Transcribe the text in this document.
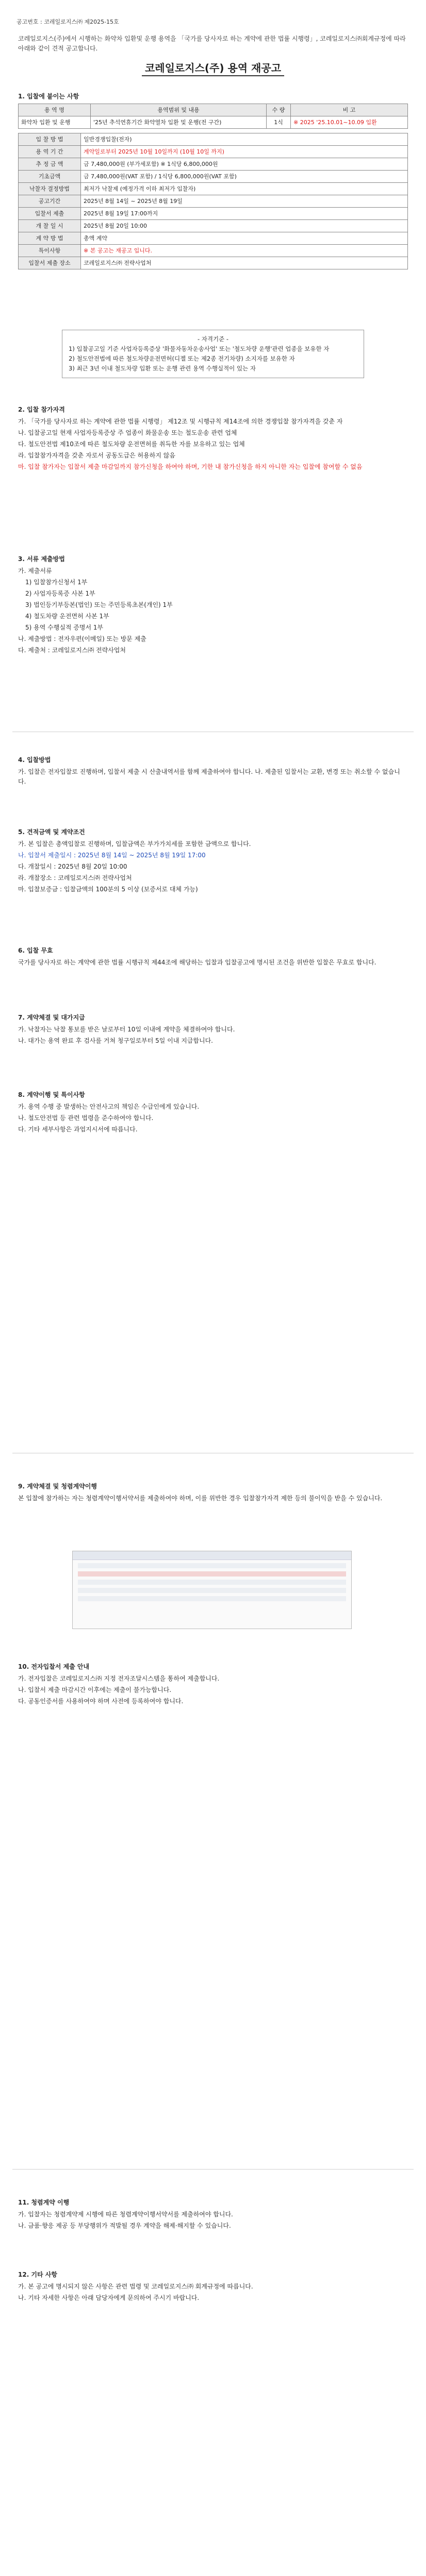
공고번호 : 코레일로지스㈜ 제2025-15호
코레일로지스(주)에서 시행하는 화약차 입환및 운행 용역을 「국가를 당사자로 하는 계약에 관한 법률 시행령」, 코레일로지스㈜회계규정에 따라 아래와 같이 견적 공고합니다.
코레일로지스(주) 용역 재공고
1. 입찰에 붙이는 사항
용 역 명	용역범위 및 내용	수 량	비 고
화약차 입환 및 운행	'25년 추석연휴기간 화약열차 입환 및 운행(전 구간)	1식	※ 2025 '25.10.01~10.09 입환
입 찰 방 법	일반경쟁입찰(전자)
용 역 기 간	계약일로부터 2025년 10월 10일까지 (10월 10일 까지)
추 정 금 액	금 7,480,000원 (부가세포함) ※ 1식당 6,800,000원
기초금액	금 7,480,000원(VAT 포함) / 1식당 6,800,000원(VAT 포함)
낙찰자 결정방법	최저가 낙찰제 (예정가격 이하 최저가 입찰자)
공고기간	2025년 8월 14일 ~ 2025년 8월 19일
입찰서 제출	2025년 8월 19일 17:00까지
개 찰 일 시	2025년 8월 20일 10:00
계 약 방 법	총액 계약
특이사항	※ 본 공고는 재공고 입니다.
입찰서 제출 장소	코레일로지스㈜ 전략사업처
- 자격기준 -
1) 입찰공고일 기준 사업자등록증상 '화물자동차운송사업' 또는 '철도차량 운행'관련 업종을 보유한 자
2) 철도안전법에 따른 철도차량운전면허(디젤 또는 제2종 전기차량) 소지자를 보유한 자
3) 최근 3년 이내 철도차량 입환 또는 운행 관련 용역 수행실적이 있는 자
2. 입찰 참가자격

가. 「국가를 당사자로 하는 계약에 관한 법률 시행령」 제12조 및 시행규칙 제14조에 의한 경쟁입찰 참가자격을 갖춘 자

나. 입찰공고일 현재 사업자등록증상 주 업종이 화물운송 또는 철도운송 관련 업체

다. 철도안전법 제10조에 따른 철도차량 운전면허를 취득한 자를 보유하고 있는 업체

라. 입찰참가자격을 갖춘 자로서 공동도급은 허용하지 않음

마. 입찰 참가자는 입찰서 제출 마감일까지 참가신청을 하여야 하며, 기한 내 참가신청을 하지 아니한 자는 입찰에 참여할 수 없음

3. 서류 제출방법

가. 제출서류

1) 입찰참가신청서 1부

2) 사업자등록증 사본 1부

3) 법인등기부등본(법인) 또는 주민등록초본(개인) 1부

4) 철도차량 운전면허 사본 1부

5) 용역 수행실적 증명서 1부

나. 제출방법 : 전자우편(이메일) 또는 방문 제출

다. 제출처 : 코레일로지스㈜ 전략사업처

4. 입찰방법

가. 입찰은 전자입찰로 진행하며, 입찰서 제출 시 산출내역서를 함께 제출하여야 합니다. 나. 제출된 입찰서는 교환, 변경 또는 취소할 수 없습니다.

5. 견적금액 및 계약조건

가. 본 입찰은 총액입찰로 진행하며, 입찰금액은 부가가치세를 포함한 금액으로 합니다.

나. 입찰서 제출일시 : 2025년 8월 14일 ~ 2025년 8월 19일 17:00

다. 개찰일시 : 2025년 8월 20일 10:00

라. 개찰장소 : 코레일로지스㈜ 전략사업처

마. 입찰보증금 : 입찰금액의 100분의 5 이상 (보증서로 대체 가능)

6. 입찰 무효

국가를 당사자로 하는 계약에 관한 법률 시행규칙 제44조에 해당하는 입찰과 입찰공고에 명시된 조건을 위반한 입찰은 무효로 합니다.

7. 계약체결 및 대가지급

가. 낙찰자는 낙찰 통보를 받은 날로부터 10일 이내에 계약을 체결하여야 합니다.

나. 대가는 용역 완료 후 검사를 거쳐 청구일로부터 5일 이내 지급합니다.

8. 계약이행 및 특이사항

가. 용역 수행 중 발생하는 안전사고의 책임은 수급인에게 있습니다.

나. 철도안전법 등 관련 법령을 준수하여야 합니다.

다. 기타 세부사항은 과업지시서에 따릅니다.

9. 계약체결 및 청렴계약이행

본 입찰에 참가하는 자는 청렴계약이행서약서를 제출하여야 하며, 이를 위반한 경우 입찰참가자격 제한 등의 불이익을 받을 수 있습니다.

10. 전자입찰서 제출 안내

가. 전자입찰은 코레일로지스㈜ 지정 전자조달시스템을 통하여 제출합니다.

나. 입찰서 제출 마감시간 이후에는 제출이 불가능합니다.

다. 공동인증서를 사용하여야 하며 사전에 등록하여야 합니다.

11. 청렴계약 이행

가. 입찰자는 청렴계약제 시행에 따른 청렴계약이행서약서를 제출하여야 합니다.

나. 금품·향응 제공 등 부당행위가 적발될 경우 계약을 해제·해지할 수 있습니다.

12. 기타 사항

가. 본 공고에 명시되지 않은 사항은 관련 법령 및 코레일로지스㈜ 회계규정에 따릅니다.

나. 기타 자세한 사항은 아래 담당자에게 문의하여 주시기 바랍니다.
